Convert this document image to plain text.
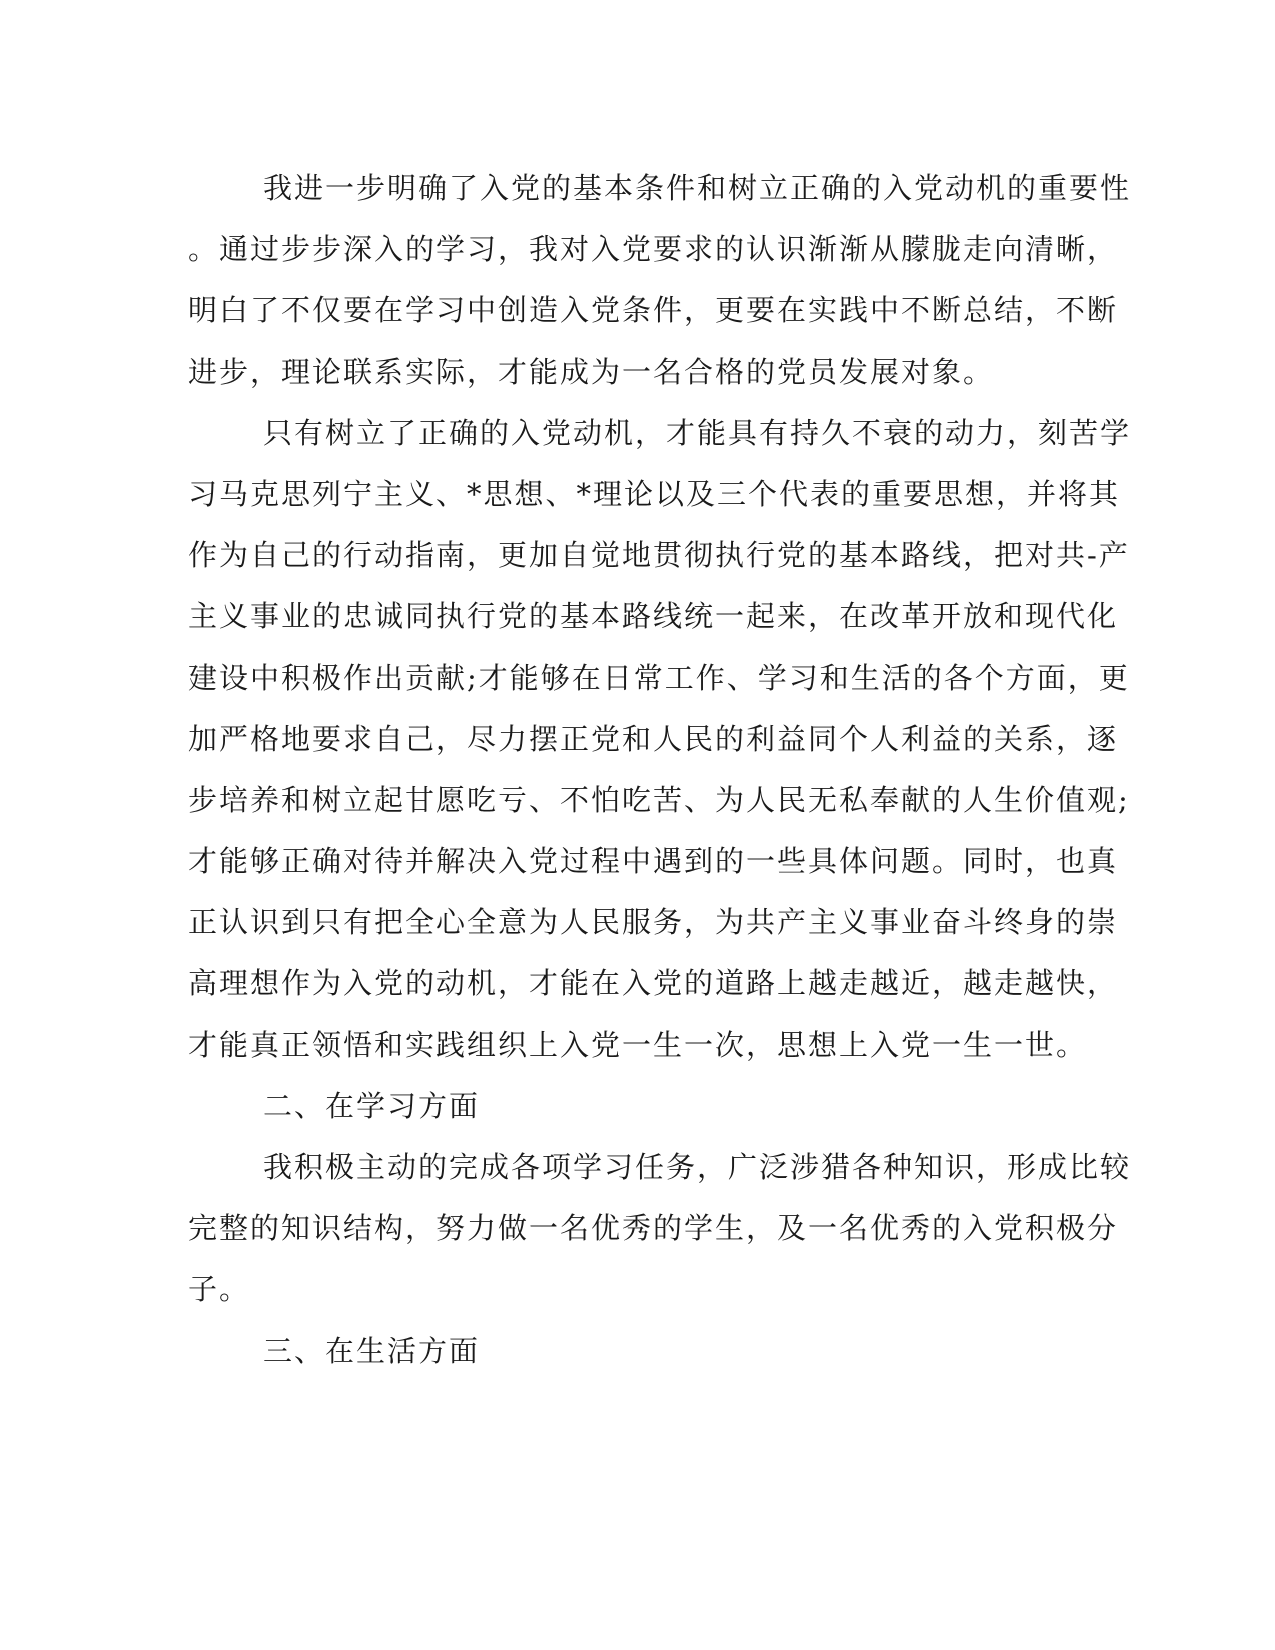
我进一步明确了入党的基本条件和树立正确的入党动机的重要性
。通过步步深入的学习，我对入党要求的认识渐渐从朦胧走向清晰，
明白了不仅要在学习中创造入党条件，更要在实践中不断总结，不断
进步，理论联系实际，才能成为一名合格的党员发展对象。
只有树立了正确的入党动机，才能具有持久不衰的动力，刻苦学
习马克思列宁主义、*思想、*理论以及三个代表的重要思想，并将其
作为自己的行动指南，更加自觉地贯彻执行党的基本路线，把对共-产
主义事业的忠诚同执行党的基本路线统一起来，在改革开放和现代化
建设中积极作出贡献;才能够在日常工作、学习和生活的各个方面，更
加严格地要求自己，尽力摆正党和人民的利益同个人利益的关系，逐
步培养和树立起甘愿吃亏、不怕吃苦、为人民无私奉献的人生价值观;
才能够正确对待并解决入党过程中遇到的一些具体问题。同时，也真
正认识到只有把全心全意为人民服务，为共产主义事业奋斗终身的崇
高理想作为入党的动机，才能在入党的道路上越走越近，越走越快，
才能真正领悟和实践组织上入党一生一次，思想上入党一生一世。
二、在学习方面
我积极主动的完成各项学习任务，广泛涉猎各种知识，形成比较
完整的知识结构，努力做一名优秀的学生，及一名优秀的入党积极分
子。
三、在生活方面
